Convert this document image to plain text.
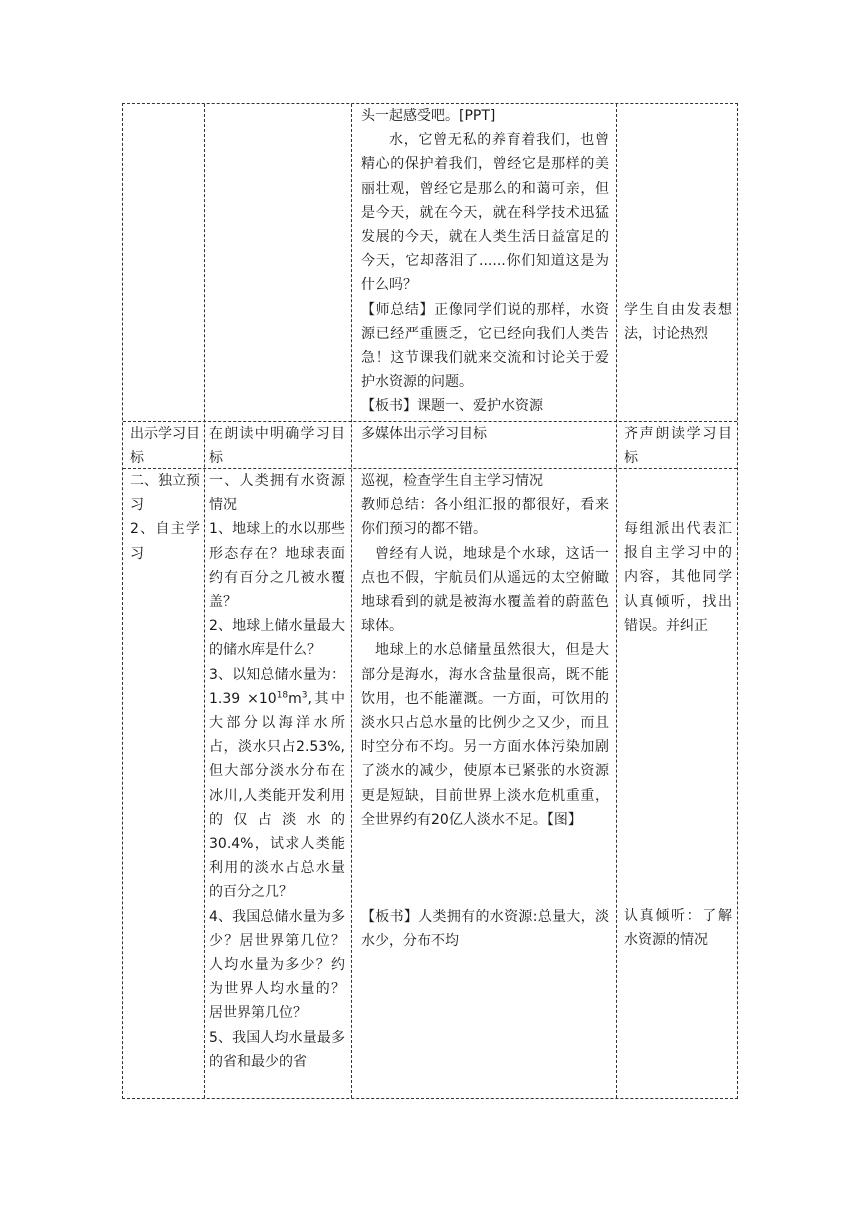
头一起感受吧。[PPT]

水，它曾无私的养育着我们，也曾精心的保护着我们，曾经它是那样的美丽壮观，曾经它是那么的和蔼可亲，但是今天，就在今天，就在科学技术迅猛发展的今天，就在人类生活日益富足的今天，它却落泪了......你们知道这是为什么吗？

【师总结】正像同学们说的那样，水资源已经严重匮乏，它已经向我们人类告急！这节课我们就来交流和讨论关于爱护水资源的问题。

【板书】课题一、爱护水资源

学生自由发表想法，讨论热烈

出示学习目标

在朗读中明确学习目标

多媒体出示学习目标	齐声朗读学习目标

二、独立预习

2、自主学习

一、人类拥有水资源情况

1、地球上的水以那些形态存在？地球表面约有百分之几被水覆盖？

2、地球上储水量最大的储水库是什么？

3、以知总储水量为：$1.39 \times 10^{18}m^3$,其中大部分以海洋水所占，淡水只占2.53%,但大部分淡水分布在冰川,人类能开发利用的仅占淡水的30.4%，试求人类能利用的淡水占总水量的百分之几？

4、我国总储水量为多少？居世界第几位？人均水量为多少？约为世界人均水量的？居世界第几位？

5、我国人均水量最多的省和最少的省

巡视，检查学生自主学习情况

教师总结：各小组汇报的都很好，看来你们预习的都不错。

曾经有人说，地球是个水球，这话一点也不假，宇航员们从遥远的太空俯瞰地球看到的就是被海水覆盖着的蔚蓝色球体。

地球上的水总储量虽然很大，但是大部分是海水，海水含盐量很高，既不能饮用，也不能灌溉。一方面，可饮用的淡水只占总水量的比例少之又少，而且时空分布不均。另一方面水体污染加剧了淡水的减少，使原本已紧张的水资源更是短缺，目前世界上淡水危机重重，全世界约有20亿人淡水不足。【图】

【板书】人类拥有的水资源:总量大，淡水少，分布不均

每组派出代表汇报自主学习中的内容，其他同学认真倾听，找出错误。并纠正

认真倾听：了解水资源的情况
